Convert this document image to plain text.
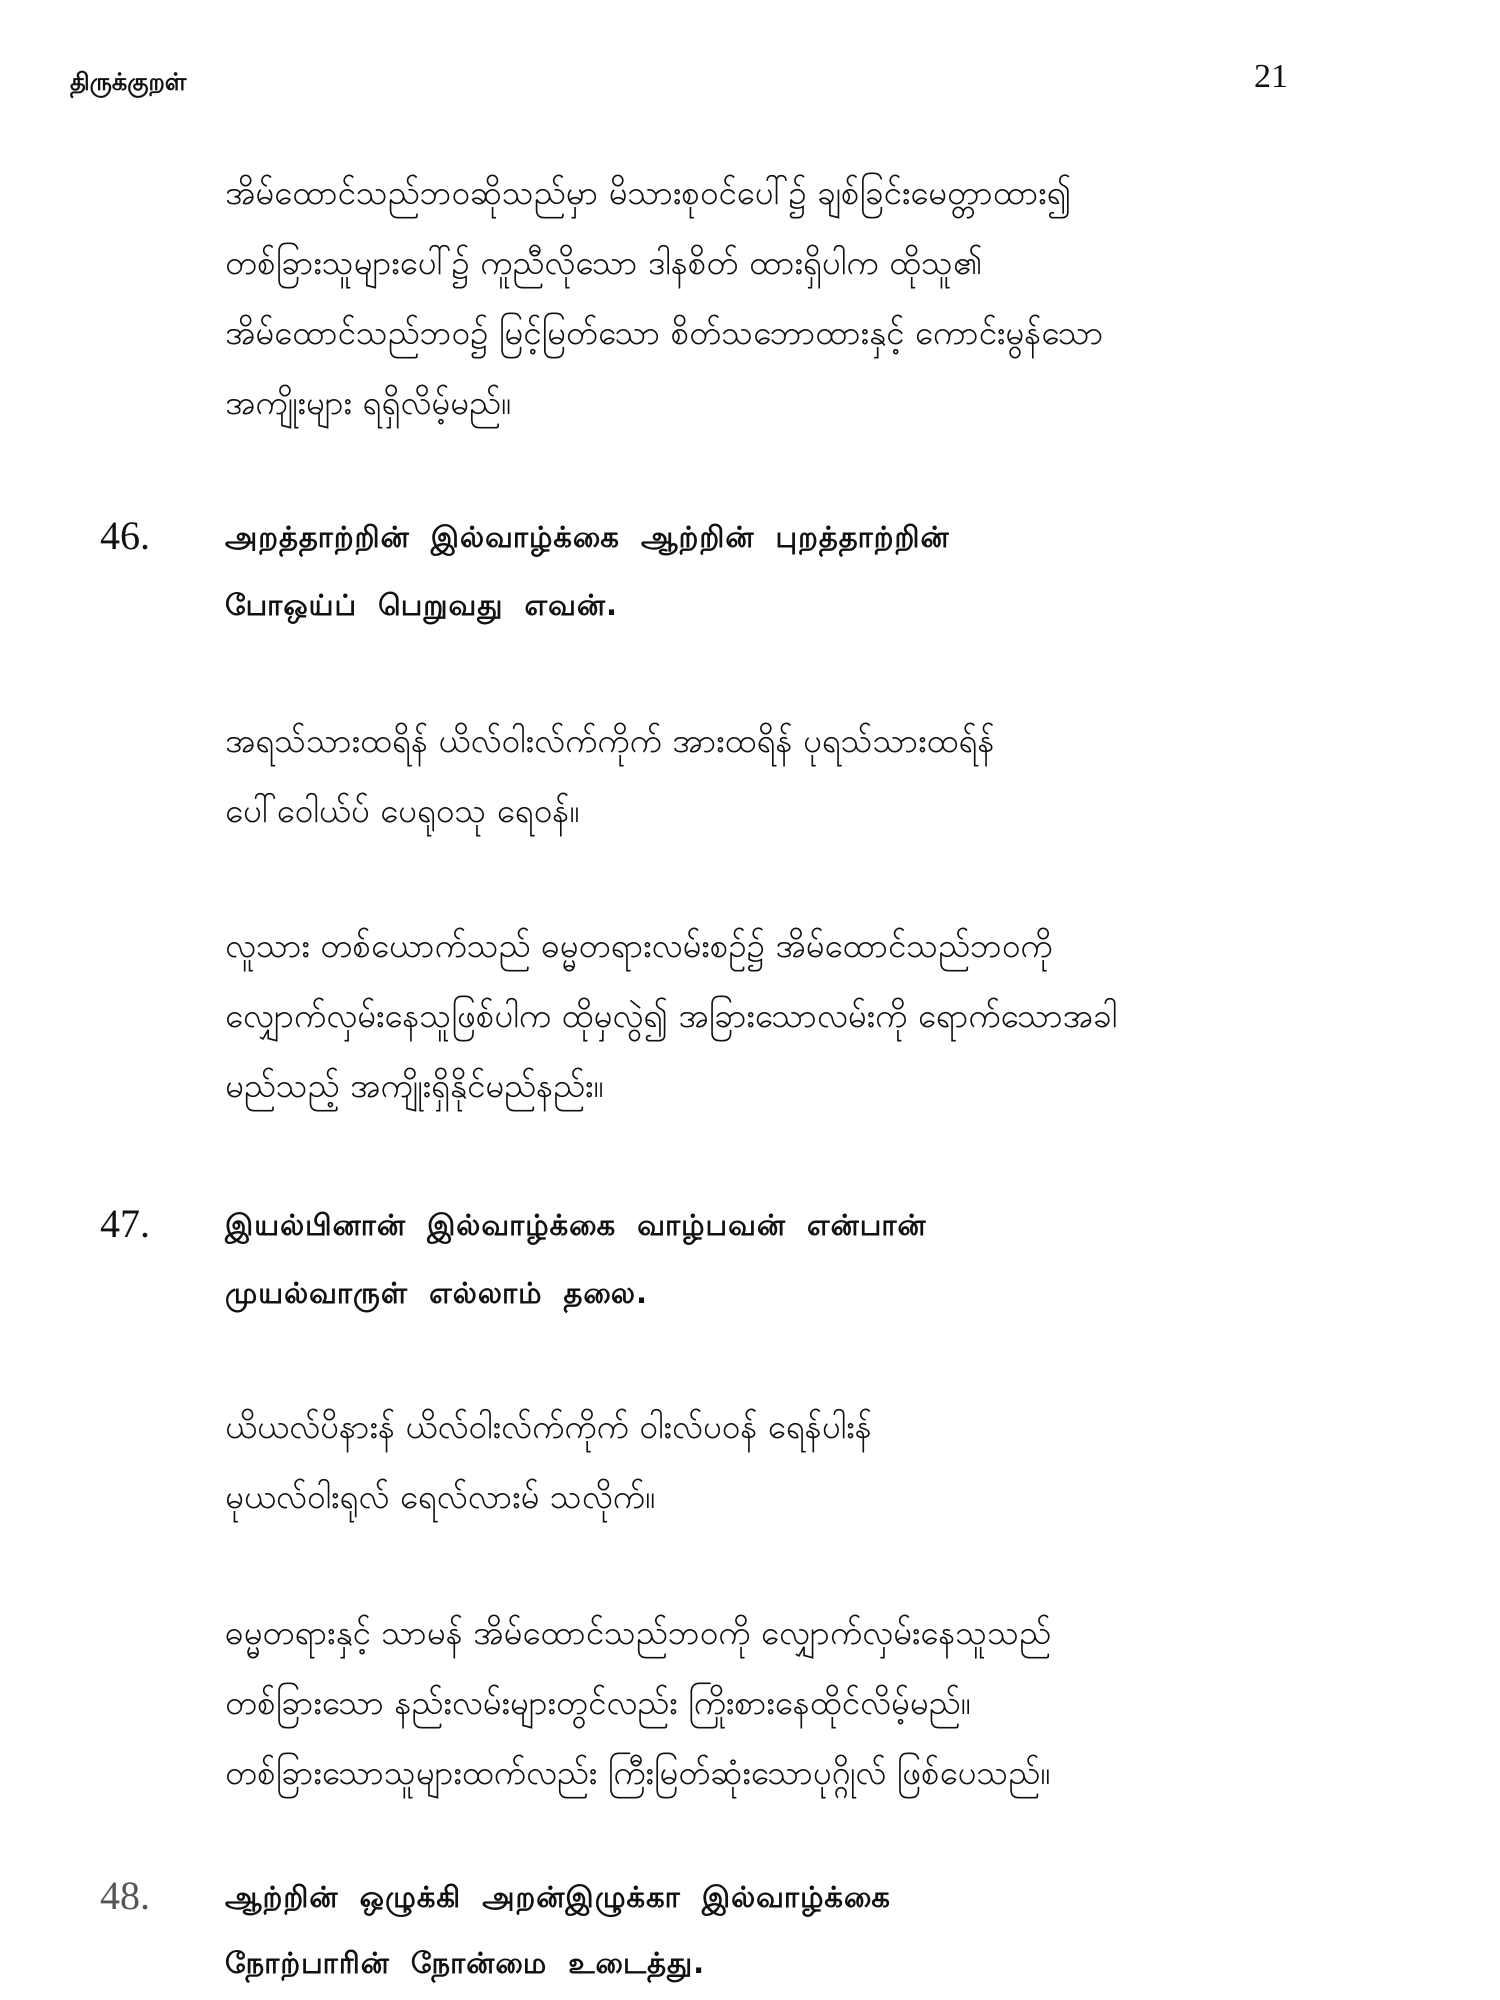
திருக்குறள்	21
အိမ်ထောင်သည်ဘဝဆိုသည်မှာ မိသားစုဝင်ပေါ်၌ ချစ်ခြင်းမေတ္တာထား၍
တစ်ခြားသူများပေါ်၌ ကူညီလိုသော ဒါနစိတ် ထားရှိပါက ထိုသူ၏
အိမ်ထောင်သည်ဘဝ၌ မြင့်မြတ်သော စိတ်သဘောထားနှင့် ကောင်းမွန်သော
အကျိုးများ ရရှိလိမ့်မည်။
46.	அறத்தாற்றின் இல்வாழ்க்கை ஆற்றின் புறத்தாற்றின்
போஒய்ப் பெறுவது எவன்.
အရသ်သားထရိန် ယိလ်ဝါးလ်က်ကိုက် အားထရိန် ပုရသ်သားထရ်န်
ပေါ်ဝေါယ်ပ် ပေရုဝသု ရေဝန်။
လူသား တစ်ယောက်သည် ဓမ္မတရားလမ်းစဉ်၌ အိမ်ထောင်သည်ဘဝကို
လျှောက်လှမ်းနေသူဖြစ်ပါက ထိုမှလွဲ၍ အခြားသောလမ်းကို ရောက်သောအခါ
မည်သည့် အကျိုးရှိနိုင်မည်နည်း။
47.	இயல்பினான் இல்வாழ்க்கை வாழ்பவன் என்பான்
முயல்வாருள் எல்லாம் தலை.
ယိယလ်ပိနားန် ယိလ်ဝါးလ်က်ကိုက် ဝါးလ်ပဝန် ရေန်ပါးန်
မုယလ်ဝါးရုလ် ရေလ်လားမ် သလိုက်။
ဓမ္မတရားနှင့် သာမန် အိမ်ထောင်သည်ဘဝကို လျှောက်လှမ်းနေသူသည်
တစ်ခြားသော နည်းလမ်းများတွင်လည်း ကြိုးစားနေထိုင်လိမ့်မည်။
တစ်ခြားသောသူများထက်လည်း ကြီးမြတ်ဆုံးသောပုဂ္ဂိုလ် ဖြစ်ပေသည်။
48.	ஆற்றின் ஒழுக்கி அறன்இழுக்கா இல்வாழ்க்கை
நோற்பாரின் நோன்மை உடைத்து.
